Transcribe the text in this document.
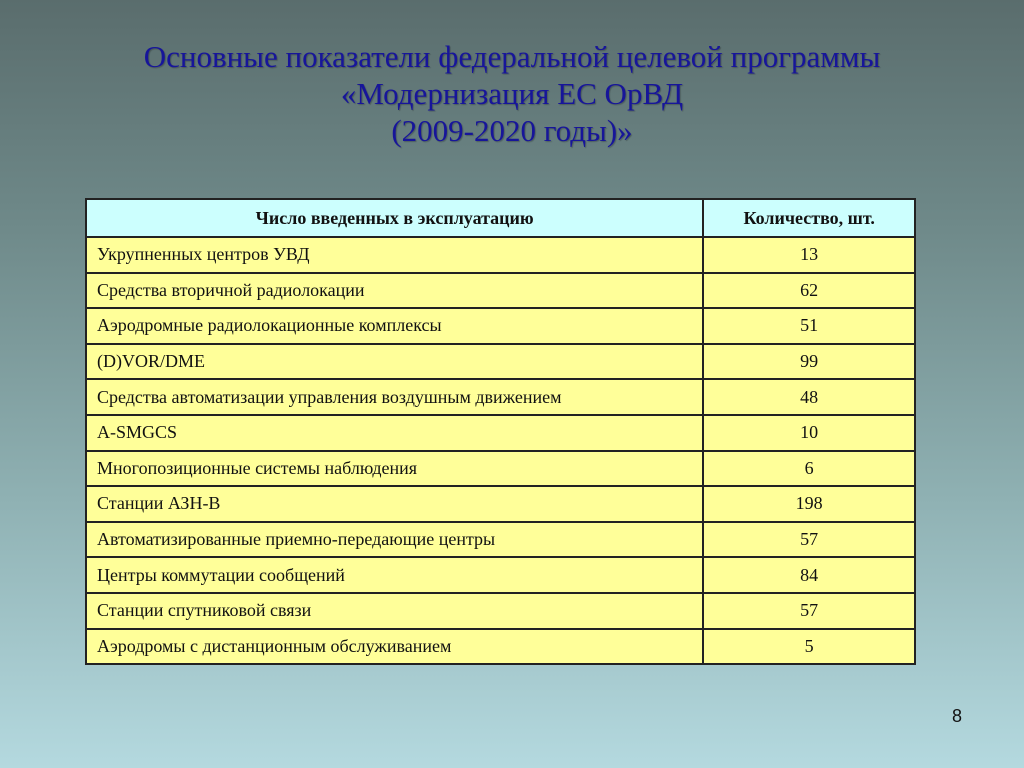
Основные показатели федеральной целевой программы
«Модернизация ЕС ОрВД
(2009-2020 годы)»
Число введенных в эксплуатацию	Количество, шт.
Укрупненных центров УВД	13
Средства вторичной радиолокации	62
Аэродромные радиолокационные комплексы	51
(D)VOR/DME	99
Средства автоматизации управления воздушным движением	48
A-SMGCS	10
Многопозиционные системы наблюдения	6
Станции АЗН-В	198
Автоматизированные приемно-передающие центры	57
Центры коммутации сообщений	84
Станции спутниковой связи	57
Аэродромы с дистанционным обслуживанием	5
8
